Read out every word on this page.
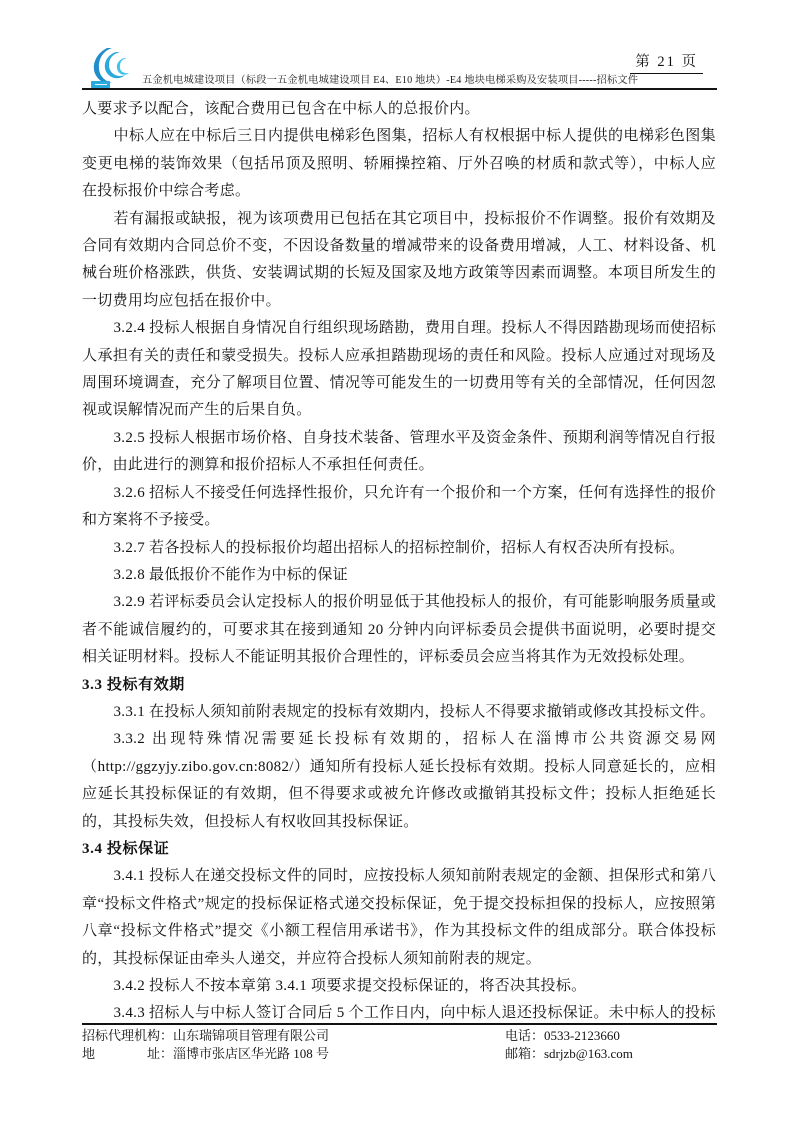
第 21 页
五金机电城建设项目（标段一五金机电城建设项目 E4、E10 地块）-E4 地块电梯采购及安装项目-----招标文件

人要求予以配合，该配合费用已包含在中标人的总报价内。

中标人应在中标后三日内提供电梯彩色图集，招标人有权根据中标人提供的电梯彩色图集变更电梯的装饰效果（包括吊顶及照明、轿厢操控箱、厅外召唤的材质和款式等），中标人应在投标报价中综合考虑。

若有漏报或缺报，视为该项费用已包括在其它项目中，投标报价不作调整。报价有效期及合同有效期内合同总价不变，不因设备数量的增减带来的设备费用增减，人工、材料设备、机械台班价格涨跌，供货、安装调试期的长短及国家及地方政策等因素而调整。本项目所发生的一切费用均应包括在报价中。

3.2.4 投标人根据自身情况自行组织现场踏勘，费用自理。投标人不得因踏勘现场而使招标人承担有关的责任和蒙受损失。投标人应承担踏勘现场的责任和风险。投标人应通过对现场及周围环境调查，充分了解项目位置、情况等可能发生的一切费用等有关的全部情况，任何因忽视或误解情况而产生的后果自负。

3.2.5 投标人根据市场价格、自身技术装备、管理水平及资金条件、预期利润等情况自行报价，由此进行的测算和报价招标人不承担任何责任。

3.2.6 招标人不接受任何选择性报价，只允许有一个报价和一个方案，任何有选择性的报价和方案将不予接受。

3.2.7 若各投标人的投标报价均超出招标人的招标控制价，招标人有权否决所有投标。

3.2.8 最低报价不能作为中标的保证

3.2.9 若评标委员会认定投标人的报价明显低于其他投标人的报价，有可能影响服务质量或者不能诚信履约的，可要求其在接到通知 20 分钟内向评标委员会提供书面说明，必要时提交相关证明材料。投标人不能证明其报价合理性的，评标委员会应当将其作为无效投标处理。

3.3 投标有效期

3.3.1 在投标人须知前附表规定的投标有效期内，投标人不得要求撤销或修改其投标文件。

3.3.2 出现特殊情况需要延长投标有效期的，招标人在淄博市公共资源交易网（http://ggzyjy.zibo.gov.cn:8082/）通知所有投标人延长投标有效期。投标人同意延长的，应相应延长其投标保证的有效期，但不得要求或被允许修改或撤销其投标文件；投标人拒绝延长的，其投标失效，但投标人有权收回其投标保证。

3.4 投标保证

3.4.1 投标人在递交投标文件的同时，应按投标人须知前附表规定的金额、担保形式和第八章“投标文件格式”规定的投标保证格式递交投标保证，免于提交投标担保的投标人，应按照第八章“投标文件格式”提交《小额工程信用承诺书》，作为其投标文件的组成部分。联合体投标的，其投标保证由牵头人递交，并应符合投标人须知前附表的规定。

3.4.2 投标人不按本章第 3.4.1 项要求提交投标保证的，将否决其投标。

3.4.3 招标人与中标人签订合同后 5 个工作日内，向中标人退还投标保证。未中标人的投标

招标代理机构：山东瑞锦项目管理有限公司
地　　　　址：淄博市张店区华光路 108 号
电话：0533-2123660
邮箱：sdrjzb@163.com
